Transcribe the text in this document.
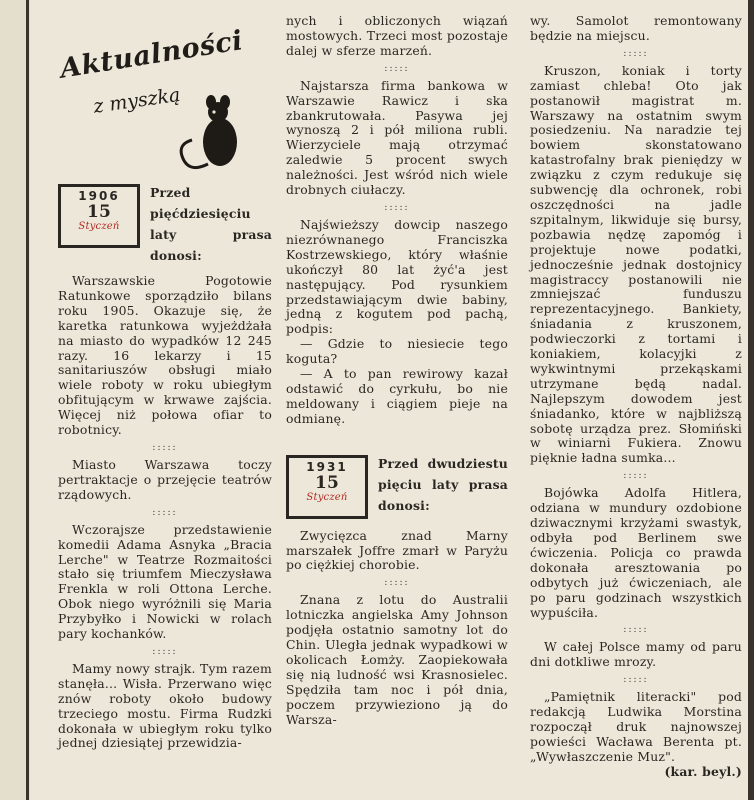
Aktualności
z myszką
1906
15
Styczeń
Przed pięćdziesięciu laty prasa donosi:

Warszawskie Pogotowie Ratunkowe sporządziło bilans roku 1905. Okazuje się, że karetka ratunkowa wyjeżdżała na miasto do wypadków 12 245 razy. 16 lekarzy i 15 sanitariuszów obsługi miało wiele roboty w roku ubiegłym obfitującym w krwawe zajścia. Więcej niż połowa ofiar to robotnicy.

:::::

Miasto Warszawa toczy pertraktacje o przejęcie teatrów rządowych.

:::::

Wczorajsze przedstawienie komedii Adama Asnyka „Bracia Lerche" w Teatrze Rozmaitości stało się triumfem Mieczysława Frenkla w roli Ottona Lerche. Obok niego wyróżnili się Maria Przybyłko i Nowicki w rolach pary kochanków.

:::::

Mamy nowy strajk. Tym razem stanęła... Wisła. Przerwano więc znów roboty około budowy trzeciego mostu. Firma Rudzki dokonała w ubiegłym roku tylko jednej dziesiątej przewidzia-

nych i obliczonych wiązań mostowych. Trzeci most pozostaje dalej w sferze marzeń.

:::::

Najstarsza firma bankowa w Warszawie Rawicz i ska zbankrutowała. Pasywa jej wynoszą 2 i pół miliona rubli. Wierzyciele mają otrzymać zaledwie 5 procent swych należności. Jest wśród nich wiele drobnych ciułaczy.

:::::

Najświeższy dowcip naszego niezrównanego Franciszka Kostrzewskiego, który właśnie ukończył 80 lat żyć'a jest następujący. Pod rysunkiem przedstawiającym dwie babiny, jedną z kogutem pod pachą, podpis:

— Gdzie to niesiecie tego koguta?

— A to pan rewirowy kazał odstawić do cyrkułu, bo nie meldowany i ciągiem pieje na odmianę.

1931
15
Styczeń
Przed dwudziestu pięciu laty prasa donosi:

Zwycięzca znad Marny marszałek Joffre zmarł w Paryżu po ciężkiej chorobie.

:::::

Znana z lotu do Australii lotniczka angielska Amy Johnson podjęła ostatnio samotny lot do Chin. Uległa jednak wypadkowi w okolicach Łomży. Zaopiekowała się nią ludność wsi Krasnosielec. Spędziła tam noc i pół dnia, poczem przywieziono ją do Warsza-

wy. Samolot remontowany będzie na miejscu.

:::::

Kruszon, koniak i torty zamiast chleba! Oto jak postanowił magistrat m. Warszawy na ostatnim swym posiedzeniu. Na naradzie tej bowiem skonstatowano katastrofalny brak pieniędzy w związku z czym redukuje się subwencję dla ochronek, robi oszczędności na jadle szpitalnym, likwiduje się bursy, pozbawia nędzę zapomóg i projektuje nowe podatki, jednocześnie jednak dostojnicy magistraccy postanowili nie zmniejszać funduszu reprezentacyjnego. Bankiety, śniadania z kruszonem, podwieczorki z tortami i koniakiem, kolacyjki z wykwintnymi przekąskami utrzymane będą nadal. Najlepszym dowodem jest śniadanko, które w najbliższą sobotę urządza prez. Słomiński w winiarni Fukiera. Znowu pięknie ładna sumka...

:::::

Bojówka Adolfa Hitlera, odziana w mundury ozdobione dziwacznymi krzyżami swastyk, odbyła pod Berlinem swe ćwiczenia. Policja co prawda dokonała aresztowania po odbytych już ćwiczeniach, ale po paru godzinach wszystkich wypuściła.

:::::

W całej Polsce mamy od paru dni dotkliwe mrozy.

:::::

„Pamiętnik literacki" pod redakcją Ludwika Morstina rozpoczął druk najnowszej powieści Wacława Berenta pt. „Wywłaszczenie Muz".

(kar. beyl.)
